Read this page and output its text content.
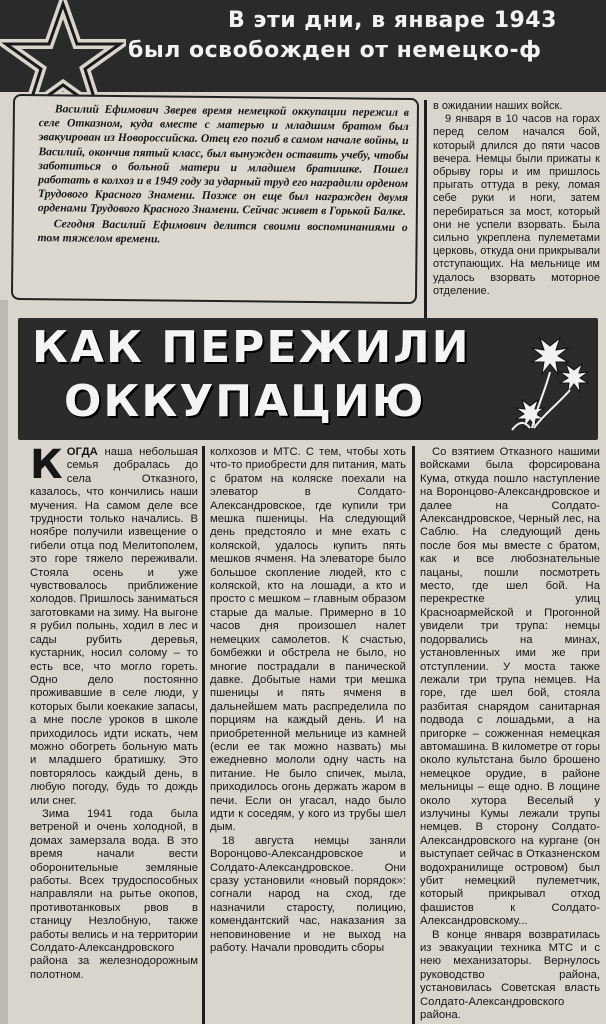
В эти дни, в январе 1943
был освобожден от немецко-ф

Василий Ефимович Зверев время немецкой оккупации пережил в селе Отказном, куда вместе с матерью и младшим братом был эвакуирован из Новороссийска. Отец его погиб в самом начале войны, и Василий, окончив пятый класс, был вынужден оставить учебу, чтобы заботиться о больной матери и младшем братишке. Пошел работать в колхоз и в 1949 году за ударный труд его наградили орденом Трудового Красного Знамени. Позже он еще был награжден двумя орденами Трудового Красного Знамени. Сейчас живет в Горькой Балке.

Сегодня Василий Ефимович делится своими воспоминаниями о том тяжелом времени.

в ожидании наших войск.

9 января в 10 часов на горах перед селом начался бой, который длился до пяти часов вечера. Немцы были прижаты к обрыву горы и им пришлось прыгать оттуда в реку, ломая себе руки и ноги, затем перебираться за мост, который они не успели взорвать. Была сильно укреплена пулеметами церковь, откуда они прикрывали отступающих. На мельнице им удалось взорвать моторное отделение.

КАК ПЕРЕЖИЛИ
ОККУПАЦИЮ

КОГДА наша небольшая семья добралась до села Отказного, казалось, что кончились наши мучения. На самом деле все трудности только начались. В ноябре получили извещение о гибели отца под Мелитополем, это горе тяжело переживали. Стояла осень и уже чувствовалось приближение холодов. Пришлось заниматься заготовками на зиму. На выгоне я рубил полынь, ходил в лес и сады рубить деревья, кустарник, носил солому – то есть все, что могло гореть. Одно дело постоянно проживавшие в селе люди, у которых были коекакие запасы, а мне после уроков в школе приходилось идти искать, чем можно обогреть больную мать и младшего братишку. Это повторялось каждый день, в любую погоду, будь то дождь или снег.

Зима 1941 года была ветреной и очень холодной, в домах замерзала вода. В это время начали вести оборонительные земляные работы. Всех трудоспособных направляли на рытье окопов, противотанковых рвов в станицу Незлобную, также работы велись и на территории Солдато-Александровского района за железнодорожным полотном.

колхозов и МТС. С тем, чтобы хоть что-то приобрести для питания, мать с братом на коляске поехали на элеватор в Солдато-Александровское, где купили три мешка пшеницы. На следующий день предстояло и мне ехать с коляской, удалось купить пять мешков ячменя. На элеваторе было большое скопление людей, кто с коляской, кто на лошади, а кто и просто с мешком – главным образом старые да малые. Примерно в 10 часов дня произошел налет немецких самолетов. К счастью, бомбежки и обстрела не было, но многие пострадали в панической давке. Добытые нами три мешка пшеницы и пять ячменя в дальнейшем мать распределила по порциям на каждый день. И на приобретенной мельнице из камней (если ее так можно назвать) мы ежедневно мололи одну часть на питание. Не было спичек, мыла, приходилось огонь держать жаром в печи. Если он угасал, надо было идти к соседям, у кого из трубы шел дым.

18 августа немцы заняли Воронцово-Александровское и Солдато-Александровское. Они сразу установили «новый порядок»: согнали народ на сход, где назначили старосту, полицию, комендантский час, наказания за неповиновение и не выход на работу. Начали проводить сборы

Со взятием Отказного нашими войсками была форсирована Кума, откуда пошло наступление на Воронцово-Александровское и далее на Солдато-Александровское, Черный лес, на Саблю. На следующий день после боя мы вместе с братом, как и все любознательные пацаны, пошли посмотреть место, где шел бой. На перекрестке улиц Красноармейской и Прогонной увидели три трупа: немцы подорвались на минах, установленных ими же при отступлении. У моста также лежали три трупа немцев. На горе, где шел бой, стояла разбитая снарядом санитарная подвода с лошадьми, а на пригорке – сожженная немецкая автомашина. В километре от горы около культстана было брошено немецкое орудие, в районе мельницы – еще одно. В лощине около хутора Веселый у излучины Кумы лежали трупы немцев. В сторону Солдато-Александровского на кургане (он выступает сейчас в Отказненском водохранилище островом) был убит немецкий пулеметчик, который прикрывал отход фашистов к Солдато-Александровскому...

В конце января возвратилась из эвакуации техника МТС и с нею механизаторы. Вернулось руководство района, установилась Советская власть Солдато-Александровского района.
